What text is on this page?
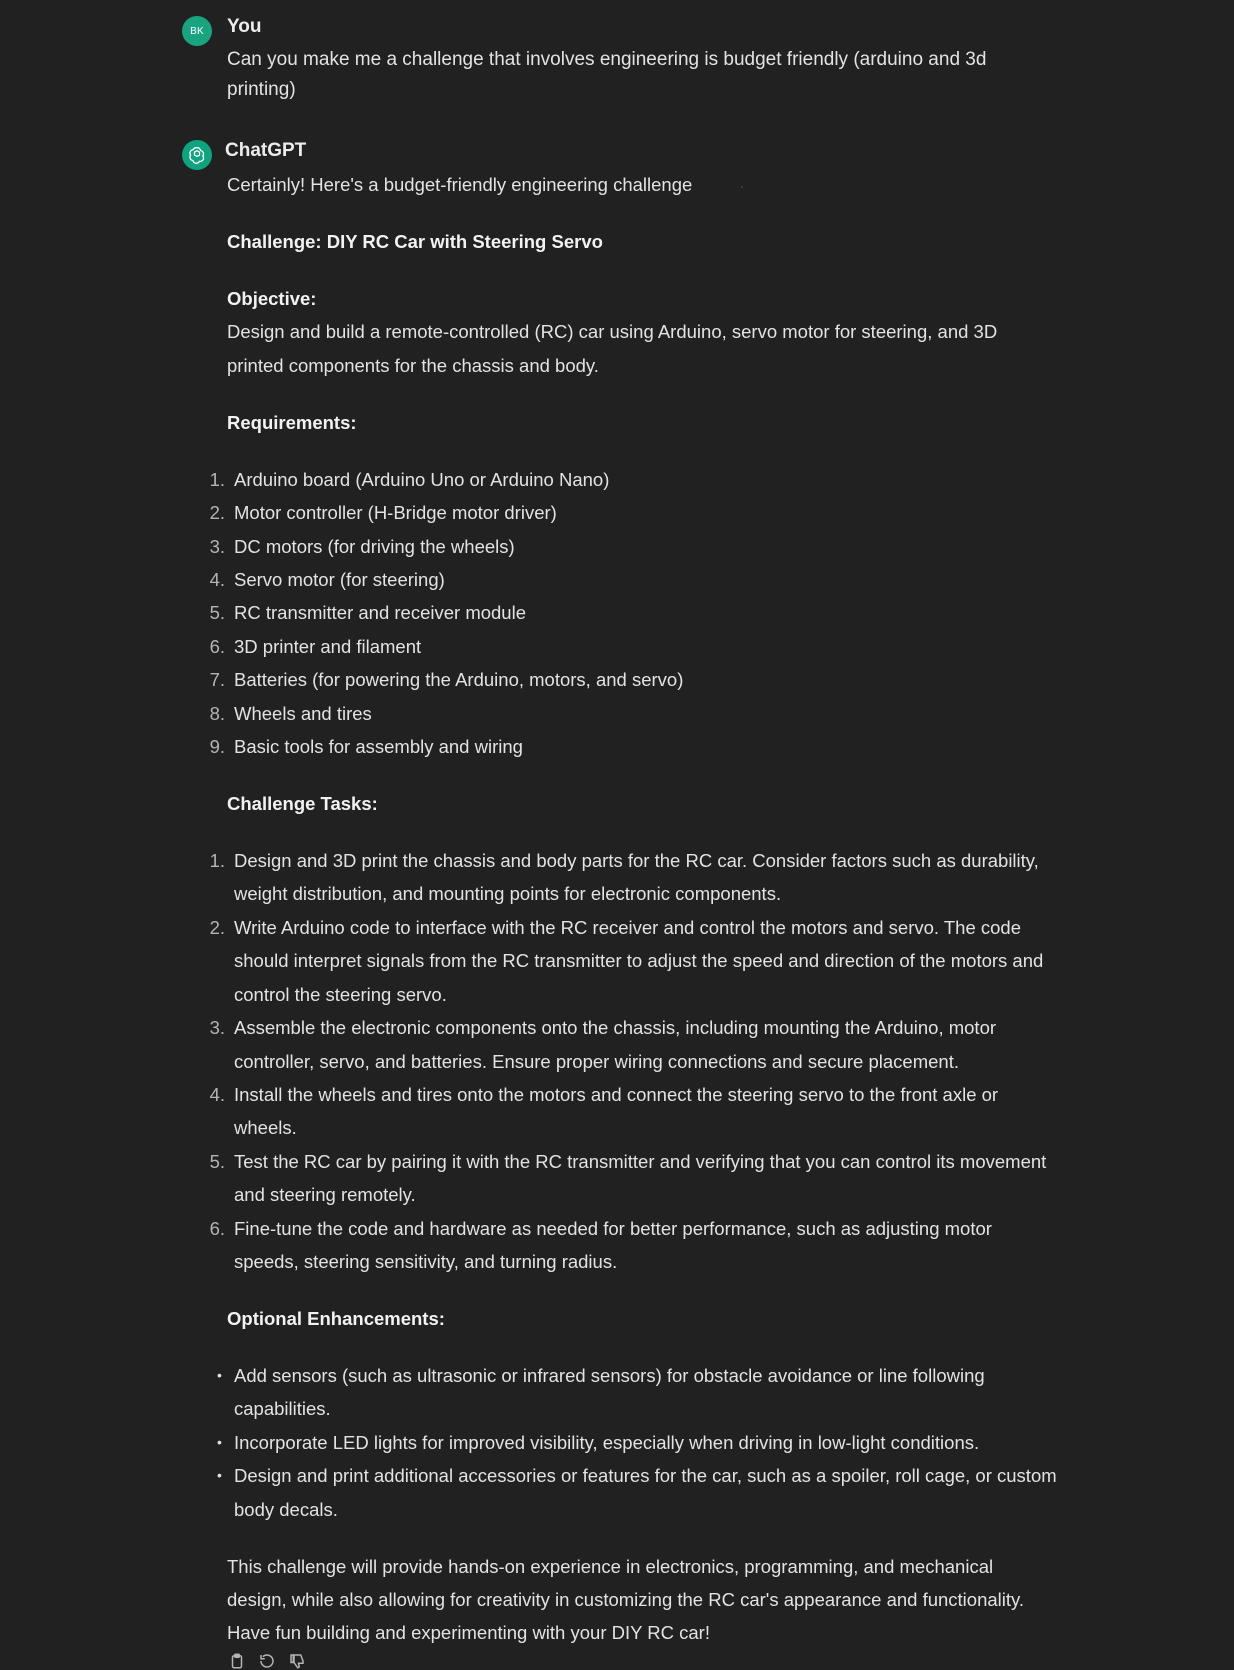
BK You
Can you make me a challenge that involves engineering is budget friendly (arduino and 3d printing)
ChatGPT

Certainly! Here's a budget-friendly engineering challenge

Challenge: DIY RC Car with Steering Servo
Objective:

Design and build a remote-controlled (RC) car using Arduino, servo motor for steering, and 3D printed components for the chassis and body.

Requirements:
1. Arduino board (Arduino Uno or Arduino Nano)
2. Motor controller (H-Bridge motor driver)
3. DC motors (for driving the wheels)
4. Servo motor (for steering)
5. RC transmitter and receiver module
6. 3D printer and filament
7. Batteries (for powering the Arduino, motors, and servo)
8. Wheels and tires
9. Basic tools for assembly and wiring
Challenge Tasks:
1. Design and 3D print the chassis and body parts for the RC car. Consider factors such as durability, weight distribution, and mounting points for electronic components.
2. Write Arduino code to interface with the RC receiver and control the motors and servo. The code should interpret signals from the RC transmitter to adjust the speed and direction of the motors and control the steering servo.
3. Assemble the electronic components onto the chassis, including mounting the Arduino, motor controller, servo, and batteries. Ensure proper wiring connections and secure placement.
4. Install the wheels and tires onto the motors and connect the steering servo to the front axle or wheels.
5. Test the RC car by pairing it with the RC transmitter and verifying that you can control its movement and steering remotely.
6. Fine-tune the code and hardware as needed for better performance, such as adjusting motor speeds, steering sensitivity, and turning radius.
Optional Enhancements:
• Add sensors (such as ultrasonic or infrared sensors) for obstacle avoidance or line following capabilities.
• Incorporate LED lights for improved visibility, especially when driving in low-light conditions.
• Design and print additional accessories or features for the car, such as a spoiler, roll cage, or custom body decals.

This challenge will provide hands-on experience in electronics, programming, and mechanical design, while also allowing for creativity in customizing the RC car's appearance and functionality. Have fun building and experimenting with your DIY RC car!
